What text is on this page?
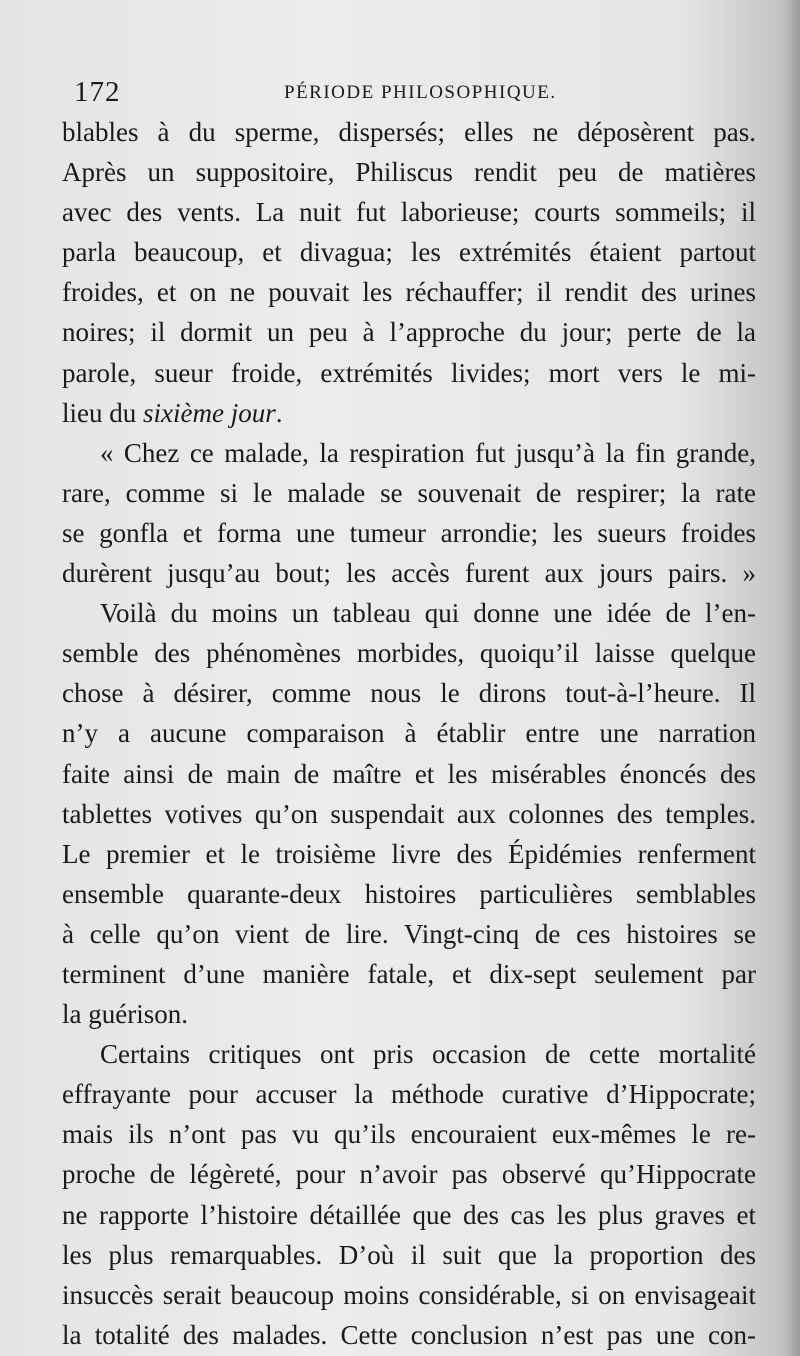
172	PÉRIODE PHILOSOPHIQUE.
blables à du sperme, dispersés; elles ne déposèrent pas.
Après un suppositoire, Philiscus rendit peu de matières
avec des vents. La nuit fut laborieuse; courts sommeils; il
parla beaucoup, et divagua; les extrémités étaient partout
froides, et on ne pouvait les réchauffer; il rendit des urines
noires; il dormit un peu à l’approche du jour; perte de la
parole, sueur froide, extrémités livides; mort vers le mi-
lieu du sixième jour.
« Chez ce malade, la respiration fut jusqu’à la fin grande,
rare, comme si le malade se souvenait de respirer; la rate
se gonfla et forma une tumeur arrondie; les sueurs froides
durèrent jusqu’au bout; les accès furent aux jours pairs. »
Voilà du moins un tableau qui donne une idée de l’en-
semble des phénomènes morbides, quoiqu’il laisse quelque
chose à désirer, comme nous le dirons tout-à-l’heure. Il
n’y a aucune comparaison à établir entre une narration
faite ainsi de main de maître et les misérables énoncés des
tablettes votives qu’on suspendait aux colonnes des temples.
Le premier et le troisième livre des Épidémies renferment
ensemble quarante-deux histoires particulières semblables
à celle qu’on vient de lire. Vingt-cinq de ces histoires se
terminent d’une manière fatale, et dix-sept seulement par
la guérison.
Certains critiques ont pris occasion de cette mortalité
effrayante pour accuser la méthode curative d’Hippocrate;
mais ils n’ont pas vu qu’ils encouraient eux-mêmes le re-
proche de légèreté, pour n’avoir pas observé qu’Hippocrate
ne rapporte l’histoire détaillée que des cas les plus graves et
les plus remarquables. D’où il suit que la proportion des
insuccès serait beaucoup moins considérable, si on envisageait
la totalité des malades. Cette conclusion n’est pas une con-
